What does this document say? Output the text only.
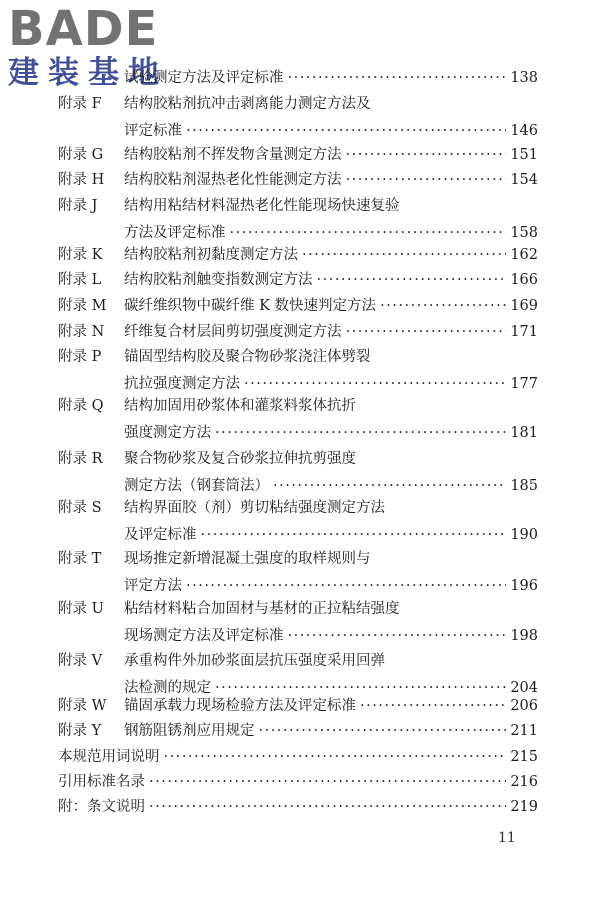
BADE
建装基地
试验测定方法及评定标准 ·····	138
附录 F	结构胶粘剂抗冲击剥离能力测定方法及
评定标准 ·····	146
附录 G	结构胶粘剂不挥发物含量测定方法 ·····	151
附录 H	结构胶粘剂湿热老化性能测定方法 ·····	154
附录 J	结构用粘结材料湿热老化性能现场快速复验
方法及评定标准 ·····	158
附录 K	结构胶粘剂初黏度测定方法 ·····	162
附录 L	结构胶粘剂触变指数测定方法 ·····	166
附录 M	碳纤维织物中碳纤维 K 数快速判定方法 ·····	169
附录 N	纤维复合材层间剪切强度测定方法 ·····	171
附录 P	锚固型结构胶及聚合物砂浆浇注体劈裂
抗拉强度测定方法 ·····	177
附录 Q	结构加固用砂浆体和灌浆料浆体抗折
强度测定方法 ·····	181
附录 R	聚合物砂浆及复合砂浆拉伸抗剪强度
测定方法（钢套筒法） ·····	185
附录 S	结构界面胶（剂）剪切粘结强度测定方法
及评定标准 ·····	190
附录 T	现场推定新增混凝土强度的取样规则与
评定方法 ·····	196
附录 U	粘结材料粘合加固材与基材的正拉粘结强度
现场测定方法及评定标准 ·····	198
附录 V	承重构件外加砂浆面层抗压强度采用回弹
法检测的规定 ·····	204
附录 W	锚固承载力现场检验方法及评定标准 ·····	206
附录 Y	钢筋阻锈剂应用规定 ·····	211
本规范用词说明 ·····	215
引用标准名录 ·····	216
附：条文说明 ·····	219
11
